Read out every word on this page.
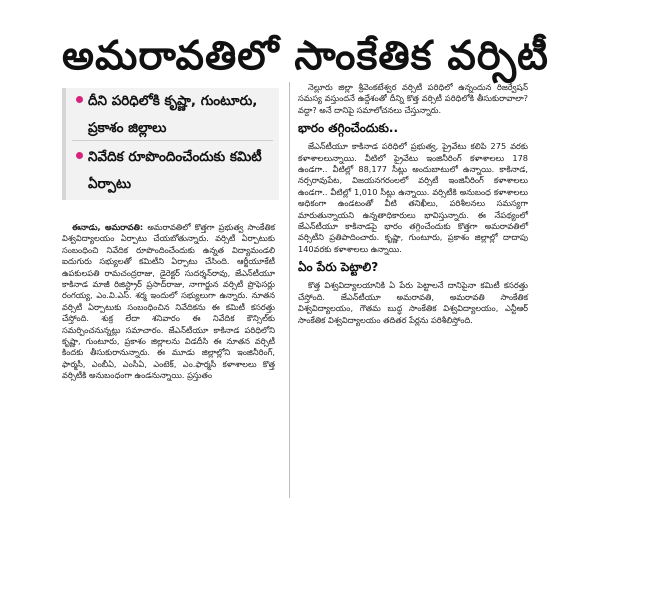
అమరావతిలో సాంకేతిక వర్సిటీ
దీని పరిధిలోకి కృష్ణా, గుంటూరు, ప్రకాశం జిల్లాలు
నివేదిక రూపొందించేందుకు కమిటీ ఏర్పాటు

ఈనాడు, అమరావతి: అమరావతిలో కొత్తగా ప్రభుత్వ సాంకేతిక విశ్వవిద్యాలయం ఏర్పాటు చేయబోతున్నారు. వర్సిటీ ఏర్పాటుకు సంబంధించి నివేదిక రూపొందించేందుకు ఉన్నత విద్యామండలి ఐదుగురు సభ్యులతో కమిటీని ఏర్పాటు చేసింది. ఆర్జీయూకేటీ ఉపకులపతి రామచంద్రరాజు, డైరెక్టర్ సుదర్శన్‌రావు, జేఎన్‌టీయూ కాకినాడ మాజీ రిజిస్ట్రార్ ప్రసాద్‌రాజు, నాగార్జున వర్సిటీ ప్రొఫెసర్లు రంగయ్య, ఎం.వి.ఎస్. శర్మ ఇందులో సభ్యులుగా ఉన్నారు. నూతన వర్సిటీ ఏర్పాటుకు సంబంధించిన నివేదికను ఈ కమిటీ కసరత్తు చేస్తోంది. శుక్ర లేదా శనివారం ఈ నివేదిక కౌన్సిల్‌కు సమర్పించనున్నట్లు సమాచారం. జేఎన్‌టీయూ కాకినాడ పరిధిలోని కృష్ణా, గుంటూరు, ప్రకాశం జిల్లాలను విడదీసి ఈ నూతన వర్సిటీ కిందకు తీసుకురానున్నారు. ఈ మూడు జిల్లాల్లోని ఇంజినీరింగ్, ఫార్మసీ, ఎంబీఏ, ఎంసీఏ, ఎంటెక్, ఎం.ఫార్మసీ కళాశాలలు కొత్త వర్సిటీకి అనుబంధంగా ఉండనున్నాయి. ప్రస్తుతం

నెల్లూరు జిల్లా శ్రీవెంకటేశ్వర వర్సిటీ పరిధిలో ఉన్నందున రిజర్వేషన్ సమస్య వస్తుందనే ఉద్దేశంతో దీన్ని కొత్త వర్సిటీ పరిధిలోకి తీసుకురావాలా? వద్దా? అనే దానిపై సమాలోచనలు చేస్తున్నారు.

భారం తగ్గించేందుకు..

జేఎన్‌టీయూ కాకినాడ పరిధిలో ప్రభుత్వ, ప్రైవేటు కలిపి 275 వరకు కళాశాలలున్నాయి. వీటిలో ప్రైవేటు ఇంజినీరింగ్ కళాశాలలు 178 ఉండగా.. వీటిల్లో 88,177 సీట్లు అందుబాటులో ఉన్నాయి. కాకినాడ, నర్సరావుపేట, విజయనగరంలలో వర్సిటీ ఇంజినీరింగ్ కళాశాలలు ఉండగా.. వీటిల్లో 1,010 సీట్లు ఉన్నాయి. వర్సిటీకి అనుబంధ కళాశాలలు అధికంగా ఉండటంతో వీటి తనిఖీలు, పరిశీలనలు సమస్యగా మారుతున్నాయని ఉన్నతాధికారులు భావిస్తున్నారు. ఈ నేపథ్యంలో జేఎన్‌టీయూ కాకినాడపై భారం తగ్గించేందుకు కొత్తగా అమరావతిలో వర్సిటీని ప్రతిపాదించారు. కృష్ణా, గుంటూరు, ప్రకాశం జిల్లాల్లో దాదాపు 140వరకు కళాశాలలు ఉన్నాయి.

ఏం పేరు పెట్టాలి?

కొత్త విశ్వవిద్యాలయానికి ఏ పేరు పెట్టాలనే దానిపైనా కమిటీ కసరత్తు చేస్తోంది. జేఎన్‌టీయూ అమరావతి, అమరావతి సాంకేతిక విశ్వవిద్యాలయం, గౌతమ బుద్ధ సాంకేతిక విశ్వవిద్యాలయం, ఎన్టీఆర్ సాంకేతిక విశ్వవిద్యాలయం తదితర పేర్లను పరిశీలిస్తోంది.
